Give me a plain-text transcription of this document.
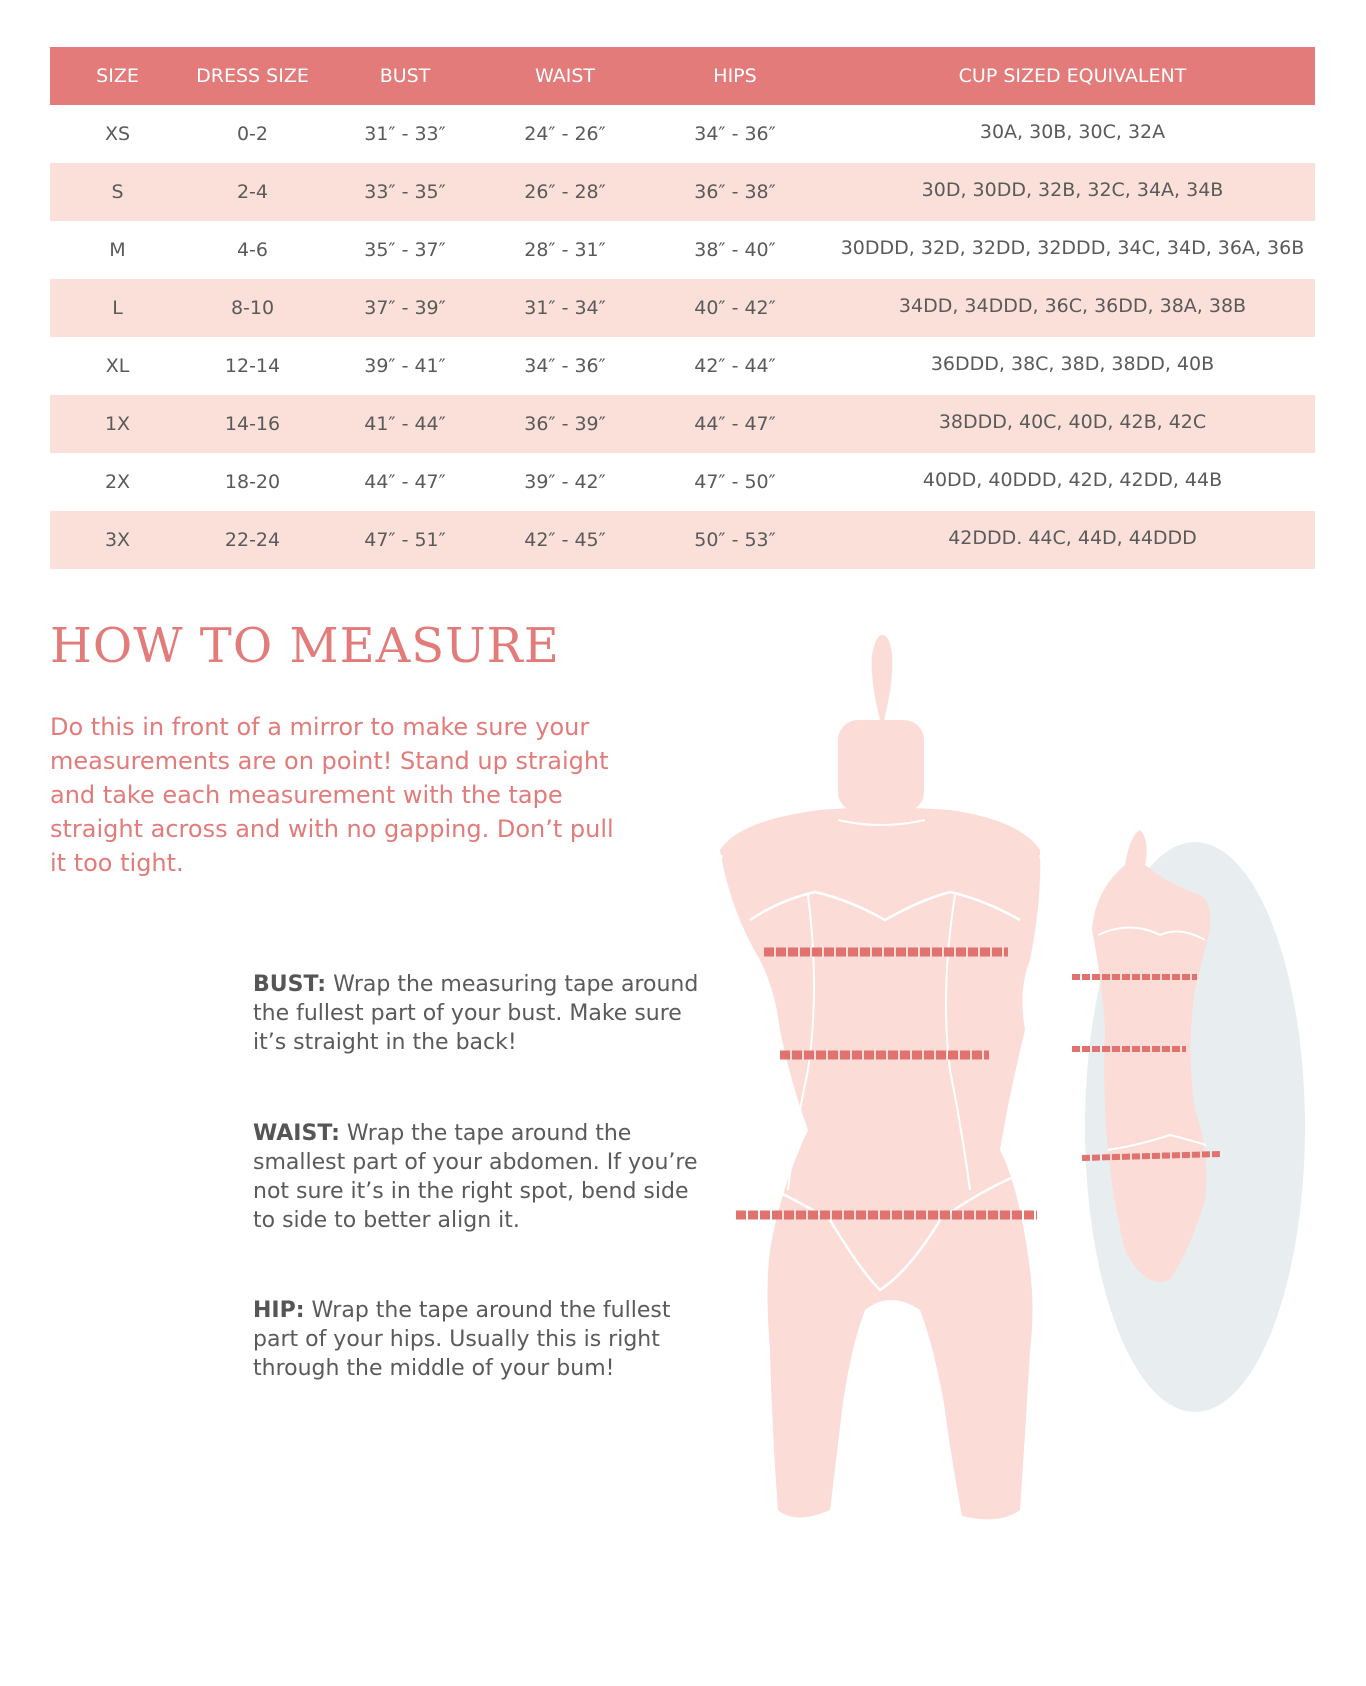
SIZE	DRESS SIZE	BUST	WAIST	HIPS	CUP SIZED EQUIVALENT
XS	0-2	31″ - 33″	24″ - 26″	34″ - 36″	30A, 30B, 30C, 32A
S	2-4	33″ - 35″	26″ - 28″	36″ - 38″	30D, 30DD, 32B, 32C, 34A, 34B
M	4-6	35″ - 37″	28″ - 31″	38″ - 40″	30DDD, 32D, 32DD, 32DDD, 34C, 34D, 36A, 36B
L	8-10	37″ - 39″	31″ - 34″	40″ - 42″	34DD, 34DDD, 36C, 36DD, 38A, 38B
XL	12-14	39″ - 41″	34″ - 36″	42″ - 44″	36DDD, 38C, 38D, 38DD, 40B
1X	14-16	41″ - 44″	36″ - 39″	44″ - 47″	38DDD, 40C, 40D, 42B, 42C
2X	18-20	44″ - 47″	39″ - 42″	47″ - 50″	40DD, 40DDD, 42D, 42DD, 44B
3X	22-24	47″ - 51″	42″ - 45″	50″ - 53″	42DDD. 44C, 44D, 44DDD
HOW TO MEASURE

Do this in front of a mirror to make sure your measurements are on point! Stand up straight and take each measurement with the tape straight across and with no gapping. Don’t pull it too tight.

BUST: Wrap the measuring tape around the fullest part of your bust. Make sure it’s straight in the back!

WAIST: Wrap the tape around the smallest part of your abdomen. If you’re not sure it’s in the right spot, bend side to side to better align it.

HIP: Wrap the tape around the fullest part of your hips. Usually this is right through the middle of your bum!
